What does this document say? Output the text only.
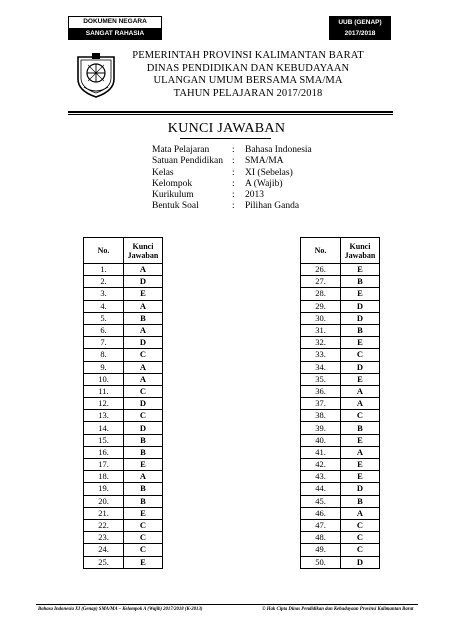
DOKUMEN NEGARA
SANGAT RAHASIA
UUB (GENAP)
2017/2018
PEMERINTAH PROVINSI KALIMANTAN BARAT
DINAS PENDIDIKAN DAN KEBUDAYAAN
ULANGAN UMUM BERSAMA SMA/MA
TAHUN PELAJARAN 2017/2018
KUNCI JAWABAN
Mata Pelajaran	:	Bahasa Indonesia
Satuan Pendidikan :	SMA/MA
Kelas	:	XI (Sebelas)
Kelompok	:	A (Wajib)
Kurikulum	:	2013
Bentuk Soal	:	Pilihan Ganda
No.	Kunci
Jawaban
1.	A
2.	D
3.	E
4.	A
5.	B
6.	A
7.	D
8.	C
9.	A
10.	A
11.	C
12.	D
13.	C
14.	D
15.	B
16.	B
17.	E
18.	A
19.	B
20.	B
21.	E
22.	C
23.	C
24.	C
25.	E
No.	Kunci
Jawaban
26.	E
27.	B
28.	E
29.	D
30.	D
31.	B
32.	E
33.	C
34.	D
35.	E
36.	A
37.	A
38.	C
39.	B
40.	E
41.	A
42.	E
43.	E
44.	D
45.	B
46.	A
47.	C
48.	C
49.	C
50.	D
Bahasa Indonesia XI (Genap) SMA/MA – Kelompok A (Wajib) 2017/2018 (K-2013)	© Hak Cipta Dinas Pendidikan dan Kebudayaan Provinsi Kalimantan Barat
